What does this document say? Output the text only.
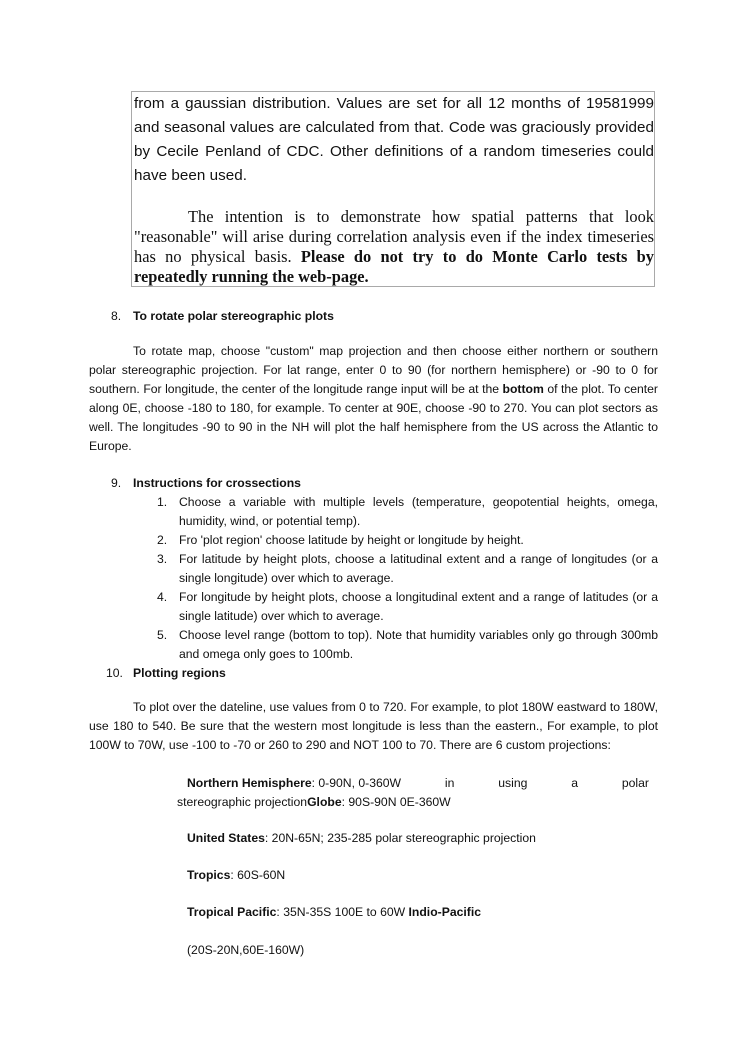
from a gaussian distribution. Values are set for all 12 months of 19581999 and seasonal values are calculated from that. Code was graciously provided by Cecile Penland of CDC. Other definitions of a random timeseries could have been used.

The intention is to demonstrate how spatial patterns that look "reasonable" will arise during correlation analysis even if the index timeseries has no physical basis. Please do not try to do Monte Carlo tests by repeatedly running the web-page.

8. To rotate polar stereographic plots

To rotate map, choose "custom" map projection and then choose either northern or southern polar stereographic projection. For lat range, enter 0 to 90 (for northern hemisphere) or -90 to 0 for southern. For longitude, the center of the longitude range input will be at the bottom of the plot. To center along 0E, choose -180 to 180, for example. To center at 90E, choose -90 to 270. You can plot sectors as well. The longitudes -90 to 90 in the NH will plot the half hemisphere from the US across the Atlantic to Europe.

9. Instructions for crossections
1. Choose a variable with multiple levels (temperature, geopotential heights, omega, humidity, wind, or potential temp).
2. Fro 'plot region' choose latitude by height or longitude by height.
3. For latitude by height plots, choose a latitudinal extent and a range of longitudes (or a single longitude) over which to average.
4. For longitude by height plots, choose a longitudinal extent and a range of latitudes (or a single latitude) over which to average.
5. Choose level range (bottom to top). Note that humidity variables only go through 300mb and omega only goes to 100mb.
10. Plotting regions

To plot over the dateline, use values from 0 to 720. For example, to plot 180W eastward to 180W, use 180 to 540. Be sure that the western most longitude is less than the eastern., For example, to plot 100W to 70W, use -100 to -70 or 260 to 290 and NOT 100 to 70. There are 6 custom projections:

Northern Hemisphere: 0-90N, 0-360W	in	using	a	polar
stereographic projectionGlobe: 90S-90N 0E-360W
United States: 20N-65N; 235-285 polar stereographic projection
Tropics: 60S-60N
Tropical Pacific: 35N-35S 100E to 60W Indio-Pacific
(20S-20N,60E-160W)
